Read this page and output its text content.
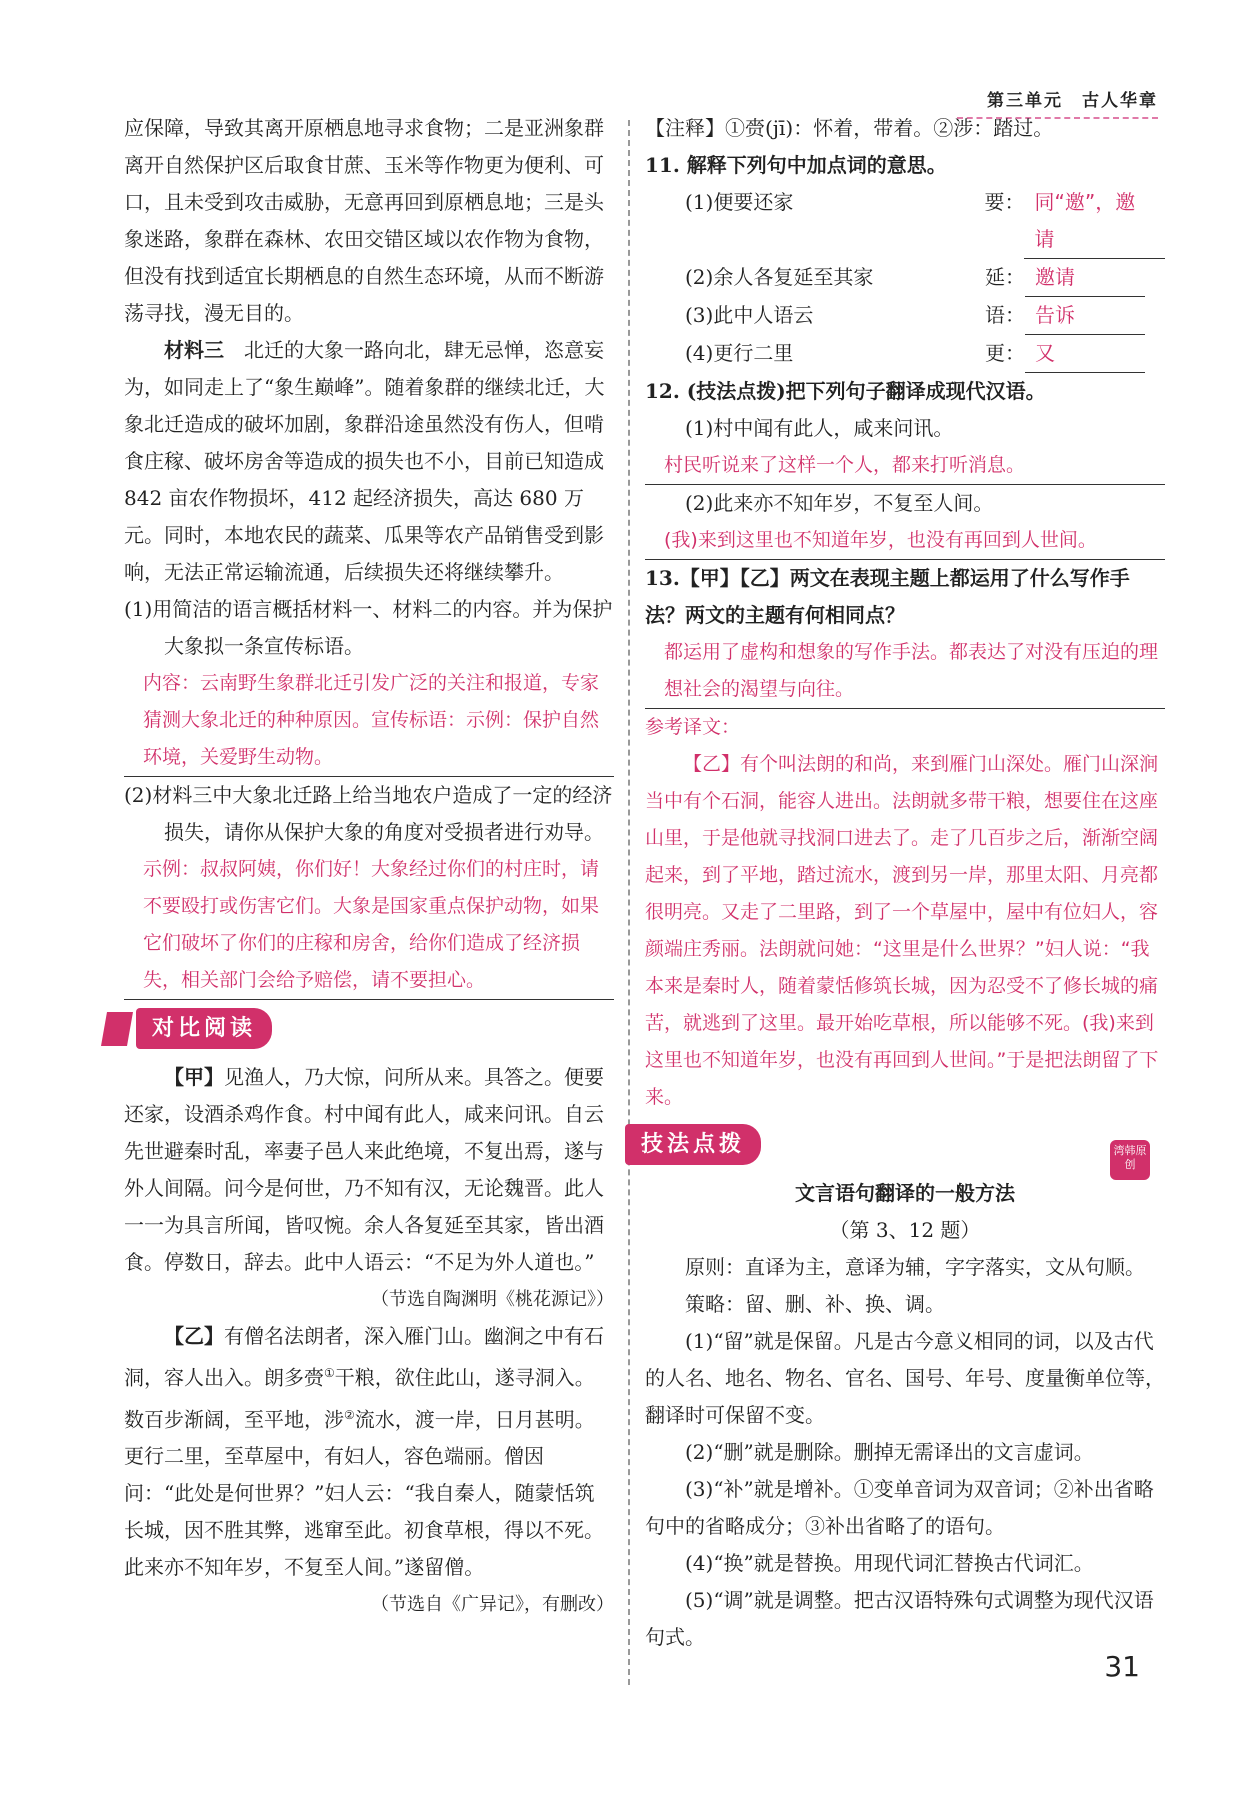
第三单元　古人华章

应保障，导致其离开原栖息地寻求食物；二是亚洲象群离开自然保护区后取食甘蔗、玉米等作物更为便利、可口，且未受到攻击威胁，无意再回到原栖息地；三是头象迷路，象群在森林、农田交错区域以农作物为食物，但没有找到适宜长期栖息的自然生态环境，从而不断游荡寻找，漫无目的。

材料三　 北迁的大象一路向北，肆无忌惮，恣意妄为，如同走上了“象生巅峰”。随着象群的继续北迁，大象北迁造成的破坏加剧，象群沿途虽然没有伤人，但啃食庄稼、破坏房舍等造成的损失也不小，目前已知造成 842 亩农作物损坏，412 起经济损失，高达 680 万元。同时，本地农民的蔬菜、瓜果等农产品销售受到影响，无法正常运输流通，后续损失还将继续攀升。

(1)用简洁的语言概括材料一、材料二的内容。并为保护大象拟一条宣传标语。

内容：云南野生象群北迁引发广泛的关注和报道，专家猜测大象北迁的种种原因。宣传标语：示例：保护自然环境，关爱野生动物。

(2)材料三中大象北迁路上给当地农户造成了一定的经济损失，请你从保护大象的角度对受损者进行劝导。

示例：叔叔阿姨，你们好！大象经过你们的村庄时，请不要殴打或伤害它们。大象是国家重点保护动物，如果它们破坏了你们的庄稼和房舍，给你们造成了经济损失，相关部门会给予赔偿，请不要担心。

对比阅读

【甲】见渔人，乃大惊，问所从来。具答之。便要还家，设酒杀鸡作食。村中闻有此人，咸来问讯。自云先世避秦时乱，率妻子邑人来此绝境，不复出焉，遂与外人间隔。问今是何世，乃不知有汉，无论魏晋。此人一一为具言所闻，皆叹惋。余人各复延至其家，皆出酒食。停数日，辞去。此中人语云：“不足为外人道也。”

（节选自陶渊明《桃花源记》）

【乙】有僧名法朗者，深入雁门山。幽涧之中有石洞，容人出入。朗多赍①干粮，欲住此山，遂寻洞入。数百步渐阔，至平地，涉②流水，渡一岸，日月甚明。更行二里，至草屋中，有妇人，容色端丽。僧因问：“此处是何世界？”妇人云：“我自秦人，随蒙恬筑长城，因不胜其弊，逃窜至此。初食草根，得以不死。此来亦不知年岁，不复至人间。”遂留僧。

（节选自《广异记》，有删改）

【注释】①赍(jī)：怀着，带着。②涉：踏过。

11. 解释下列句中加点词的意思。

(1)便要还家	要： 同“邀”，邀请
(2)余人各复延至其家	延： 邀请
(3)此中人语云	语： 告诉
(4)更行二里	更： 又

12. (技法点拨)把下列句子翻译成现代汉语。

(1)村中闻有此人，咸来问讯。

村民听说来了这样一个人，都来打听消息。

(2)此来亦不知年岁，不复至人间。

(我)来到这里也不知道年岁，也没有再回到人世间。

13.【甲】【乙】两文在表现主题上都运用了什么写作手法？两文的主题有何相同点？

都运用了虚构和想象的写作手法。都表达了对没有压迫的理想社会的渴望与向往。

参考译文：

【乙】有个叫法朗的和尚，来到雁门山深处。雁门山深涧当中有个石洞，能容人进出。法朗就多带干粮，想要住在这座山里，于是他就寻找洞口进去了。走了几百步之后，渐渐空阔起来，到了平地，踏过流水，渡到另一岸，那里太阳、月亮都很明亮。又走了二里路，到了一个草屋中，屋中有位妇人，容颜端庄秀丽。法朗就问她：“这里是什么世界？”妇人说：“我本来是秦时人，随着蒙恬修筑长城，因为忍受不了修长城的痛苦，就逃到了这里。最开始吃草根，所以能够不死。(我)来到这里也不知道年岁，也没有再回到人世间。”于是把法朗留了下来。

技法点拨

文言语句翻译的一般方法

（第 3、12 题）

原则：直译为主，意译为辅，字字落实，文从句顺。

策略：留、删、补、换、调。

(1)“留”就是保留。凡是古今意义相同的词，以及古代的人名、地名、物名、官名、国号、年号、度量衡单位等，翻译时可保留不变。

(2)“删”就是删除。删掉无需译出的文言虚词。

(3)“补”就是增补。①变单音词为双音词；②补出省略句中的省略成分；③补出省略了的语句。

(4)“换”就是替换。用现代词汇替换古代词汇。

(5)“调”就是调整。把古汉语特殊句式调整为现代汉语句式。

湾韩原创
31
